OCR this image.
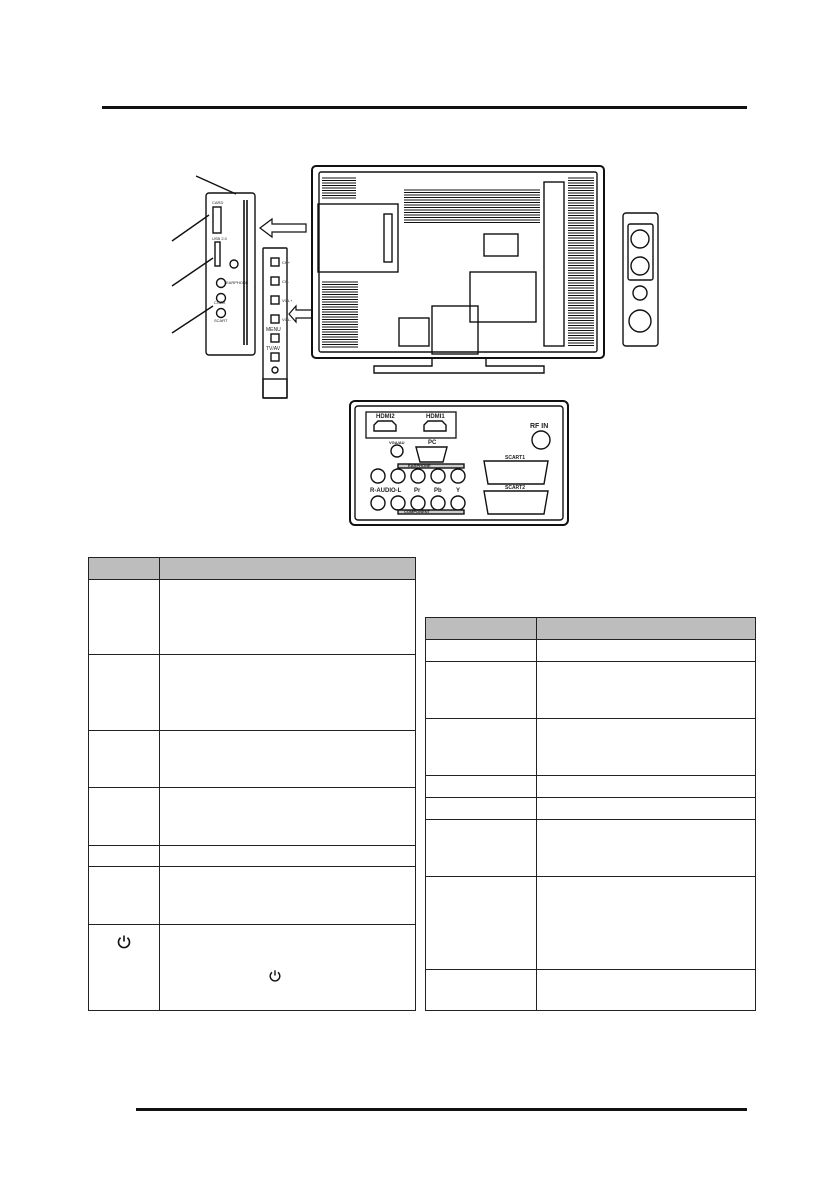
CH+
CH-
VOL+
VOL-
MENU
TV/AV
CARD
USB 2.0
EARPHONE
COAX
SCART
HDMI2	HDMI1
RF IN
VGA/AU	PC
EARPHONE
SCART1
SCART2
R-AUDIO-L Pr Pb Y
COMPONENT
